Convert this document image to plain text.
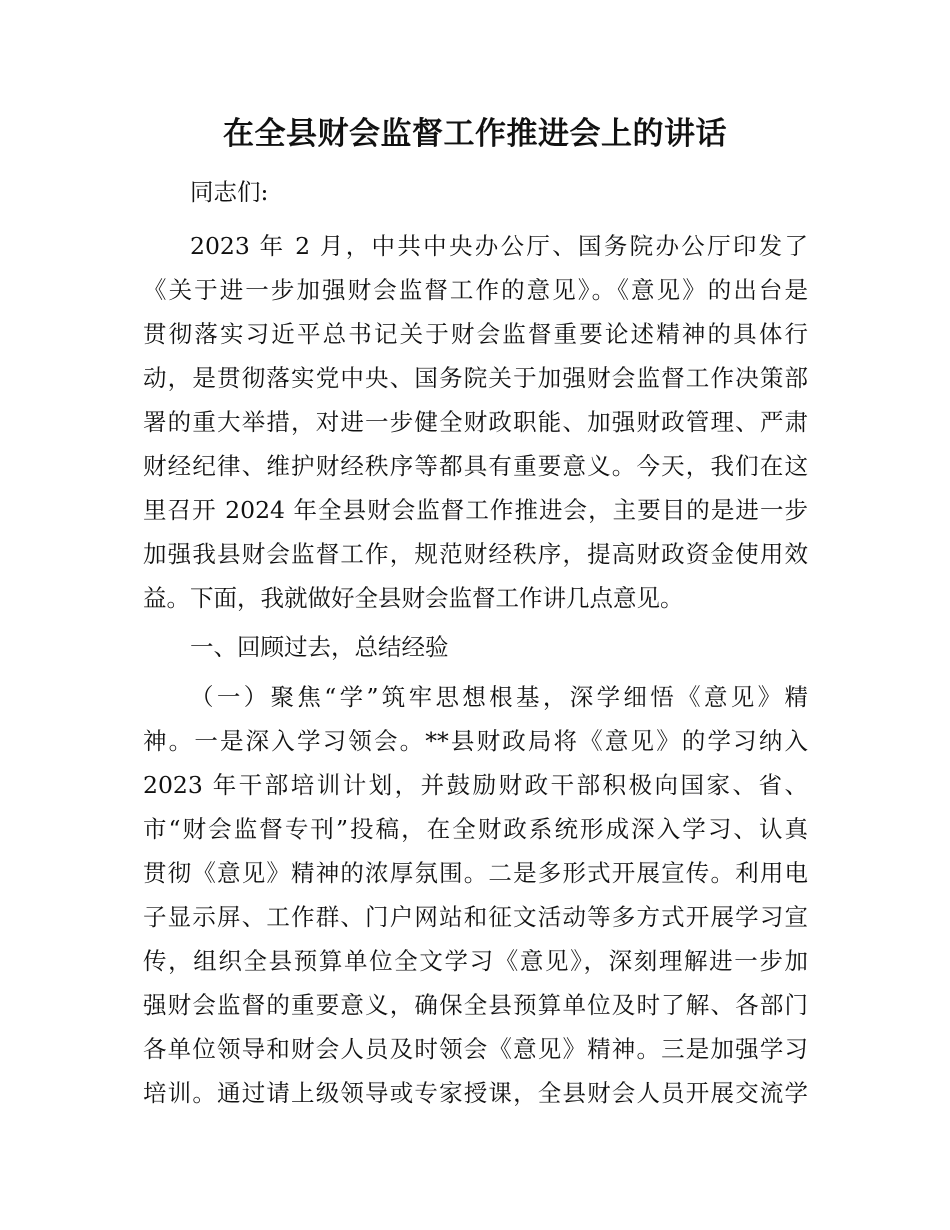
在全县财会监督工作推进会上的讲话
同志们:
2023 年 2 月，中共中央办公厅、国务院办公厅印发了
《关于进一步加强财会监督工作的意见》。《意见》的出台是
贯彻落实习近平总书记关于财会监督重要论述精神的具体行
动，是贯彻落实党中央、国务院关于加强财会监督工作决策部
署的重大举措，对进一步健全财政职能、加强财政管理、严肃
财经纪律、维护财经秩序等都具有重要意义。今天，我们在这
里召开 2024 年全县财会监督工作推进会，主要目的是进一步
加强我县财会监督工作，规范财经秩序，提高财政资金使用效
益。下面，我就做好全县财会监督工作讲几点意见。
一、回顾过去，总结经验
（一）聚焦“学”筑牢思想根基，深学细悟《意见》精
神。一是深入学习领会。**县财政局将《意见》的学习纳入
2023 年干部培训计划，并鼓励财政干部积极向国家、省、
市“财会监督专刊”投稿，在全财政系统形成深入学习、认真
贯彻《意见》精神的浓厚氛围。二是多形式开展宣传。利用电
子显示屏、工作群、门户网站和征文活动等多方式开展学习宣
传，组织全县预算单位全文学习《意见》，深刻理解进一步加
强财会监督的重要意义，确保全县预算单位及时了解、各部门
各单位领导和财会人员及时领会《意见》精神。三是加强学习
培训。通过请上级领导或专家授课，全县财会人员开展交流学
